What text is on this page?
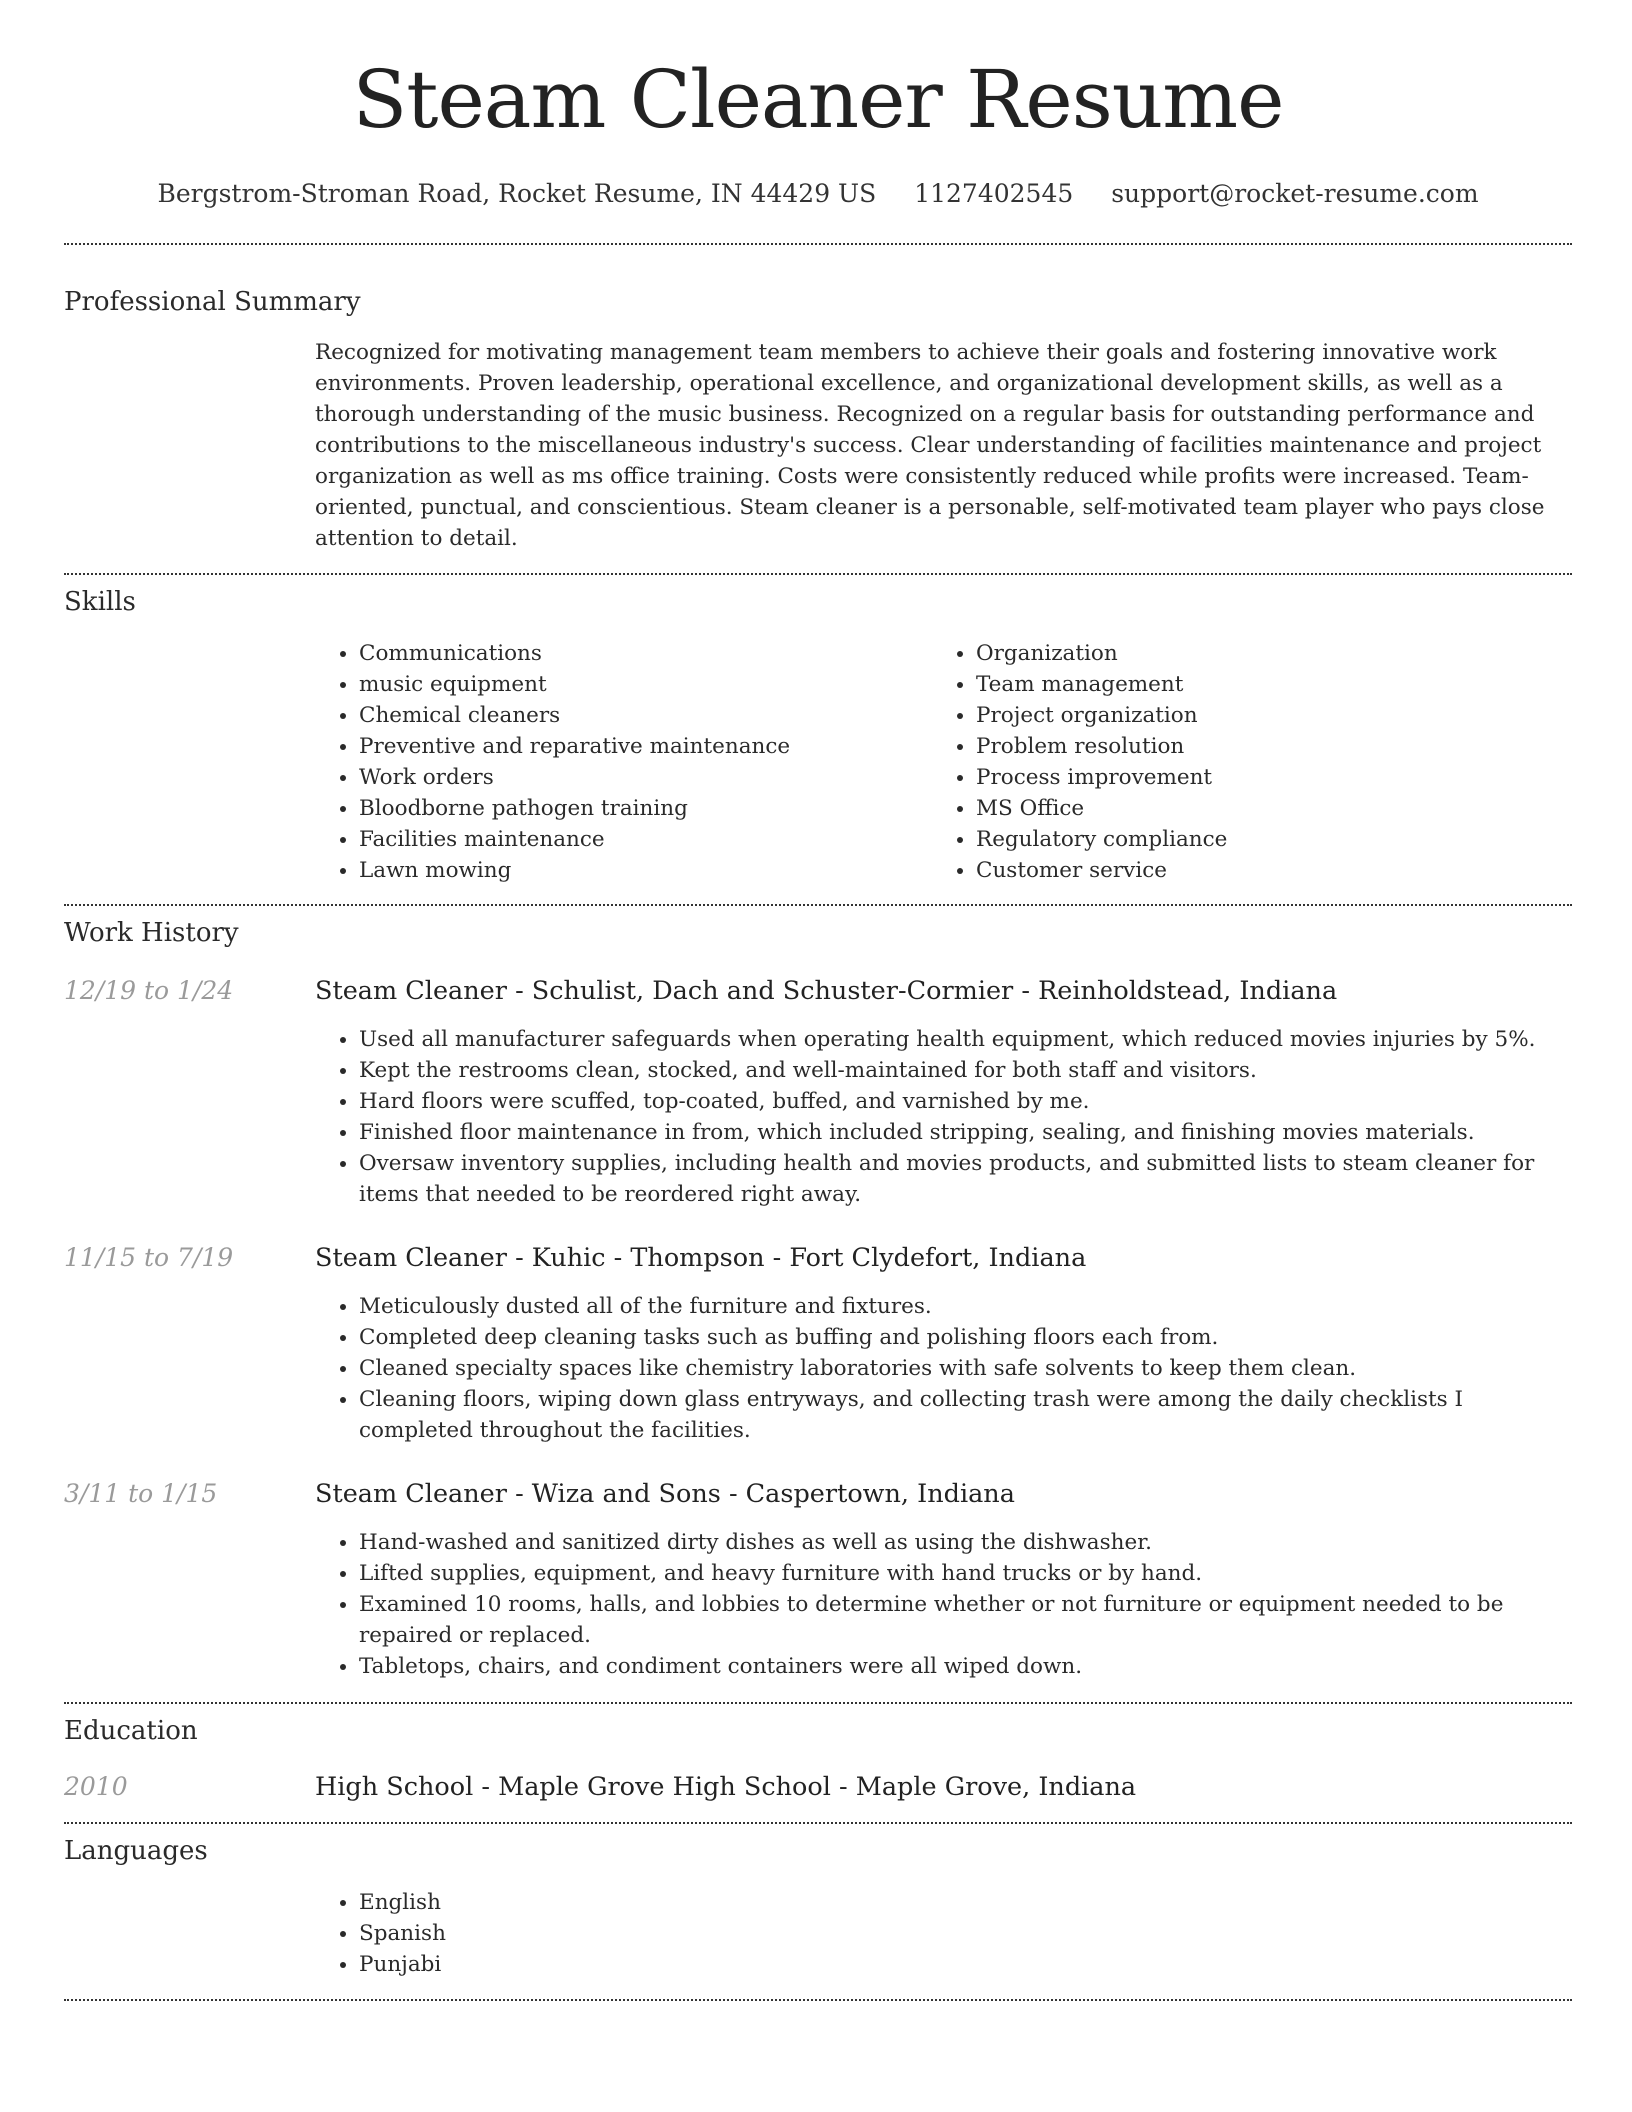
Steam Cleaner Resume
Bergstrom-Stroman Road, Rocket Resume, IN 44429 US 1127402545 support@rocket-resume.com
Professional Summary
Recognized for motivating management team members to achieve their goals and fostering innovative work environments. Proven leadership, operational excellence, and organizational development skills, as well as a thorough understanding of the music business. Recognized on a regular basis for outstanding performance and contributions to the miscellaneous industry's success. Clear understanding of facilities maintenance and project organization as well as ms office training. Costs were consistently reduced while profits were increased. Team-oriented, punctual, and conscientious. Steam cleaner is a personable, self-motivated team player who pays close attention to detail.
Skills
• Communications
• music equipment
• Chemical cleaners
• Preventive and reparative maintenance
• Work orders
• Bloodborne pathogen training
• Facilities maintenance
• Lawn mowing
• Organization
• Team management
• Project organization
• Problem resolution
• Process improvement
• MS Office
• Regulatory compliance
• Customer service
Work History
12/19 to 1/24	Steam Cleaner - Schulist, Dach and Schuster-Cormier - Reinholdstead, Indiana
• Used all manufacturer safeguards when operating health equipment, which reduced movies injuries by 5%.
• Kept the restrooms clean, stocked, and well-maintained for both staff and visitors.
• Hard floors were scuffed, top-coated, buffed, and varnished by me.
• Finished floor maintenance in from, which included stripping, sealing, and finishing movies materials.
• Oversaw inventory supplies, including health and movies products, and submitted lists to steam cleaner for items that needed to be reordered right away.
11/15 to 7/19	Steam Cleaner - Kuhic - Thompson - Fort Clydefort, Indiana
• Meticulously dusted all of the furniture and fixtures.
• Completed deep cleaning tasks such as buffing and polishing floors each from.
• Cleaned specialty spaces like chemistry laboratories with safe solvents to keep them clean.
• Cleaning floors, wiping down glass entryways, and collecting trash were among the daily checklists I completed throughout the facilities.
3/11 to 1/15	Steam Cleaner - Wiza and Sons - Caspertown, Indiana
• Hand-washed and sanitized dirty dishes as well as using the dishwasher.
• Lifted supplies, equipment, and heavy furniture with hand trucks or by hand.
• Examined 10 rooms, halls, and lobbies to determine whether or not furniture or equipment needed to be repaired or replaced.
• Tabletops, chairs, and condiment containers were all wiped down.
Education
2010	High School - Maple Grove High School - Maple Grove, Indiana
Languages
• English
• Spanish
• Punjabi
